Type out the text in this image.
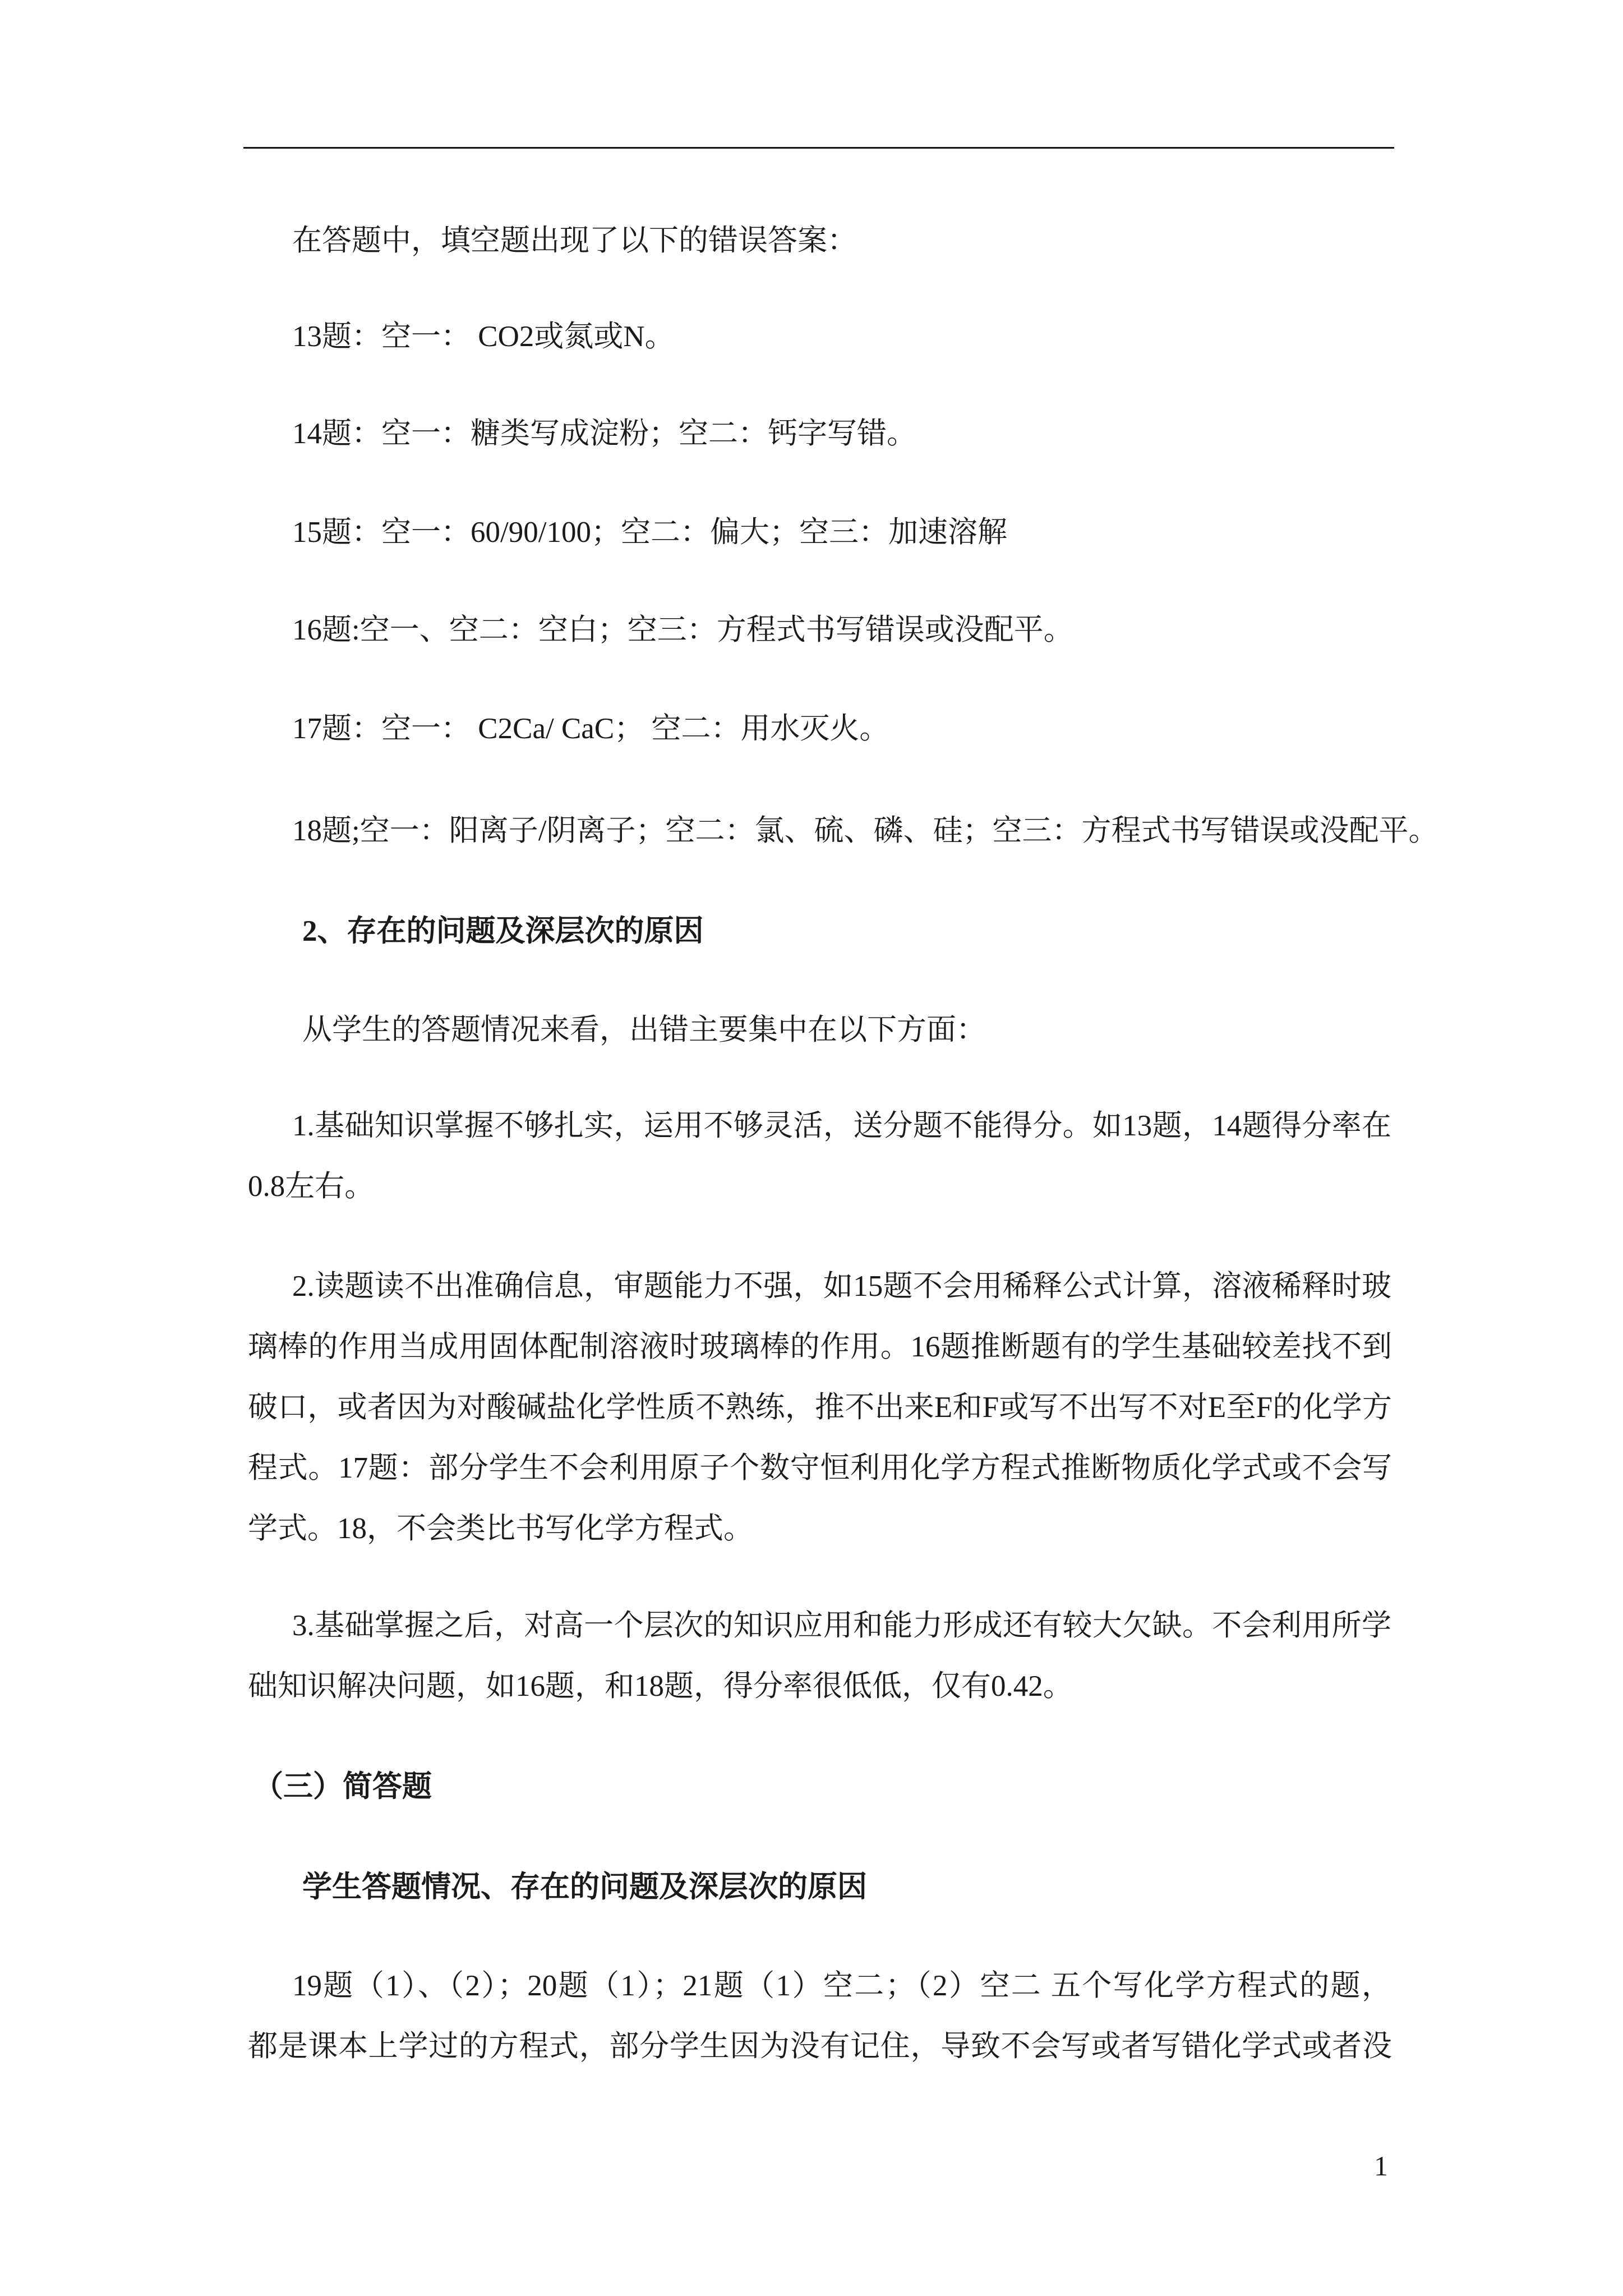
在答题中，填空题出现了以下的错误答案：
13题：空一： CO2或氮或N。
14题：空一：糖类写成淀粉；空二：钙字写错。
15题：空一：60/90/100；空二：偏大；空三：加速溶解
16题:空一、空二：空白；空三：方程式书写错误或没配平。
17题：空一： C2Ca/ CaC； 空二：用水灭火。
18题;空一：阳离子/阴离子；空二：氯、硫、磷、硅；空三：方程式书写错误或没配平。
2、存在的问题及深层次的原因
从学生的答题情况来看，出错主要集中在以下方面：
1.基础知识掌握不够扎实，运用不够灵活，送分题不能得分。如13题，14题得分率在
0.8左右。
2.读题读不出准确信息，审题能力不强，如15题不会用稀释公式计算，溶液稀释时玻
璃棒的作用当成用固体配制溶液时玻璃棒的作用。16题推断题有的学生基础较差找不到
破口，或者因为对酸碱盐化学性质不熟练，推不出来E和F或写不出写不对E至F的化学方
程式。17题：部分学生不会利用原子个数守恒利用化学方程式推断物质化学式或不会写
学式。18，不会类比书写化学方程式。
3.基础掌握之后，对高一个层次的知识应用和能力形成还有较大欠缺。不会利用所学
础知识解决问题，如16题，和18题，得分率很低低，仅有0.42。
（三）简答题
学生答题情况、存在的问题及深层次的原因
19题（1）、（2）；20题（1）；21题（1）空二；（2）空二 五个写化学方程式的题，
都是课本上学过的方程式，部分学生因为没有记住，导致不会写或者写错化学式或者没
1
